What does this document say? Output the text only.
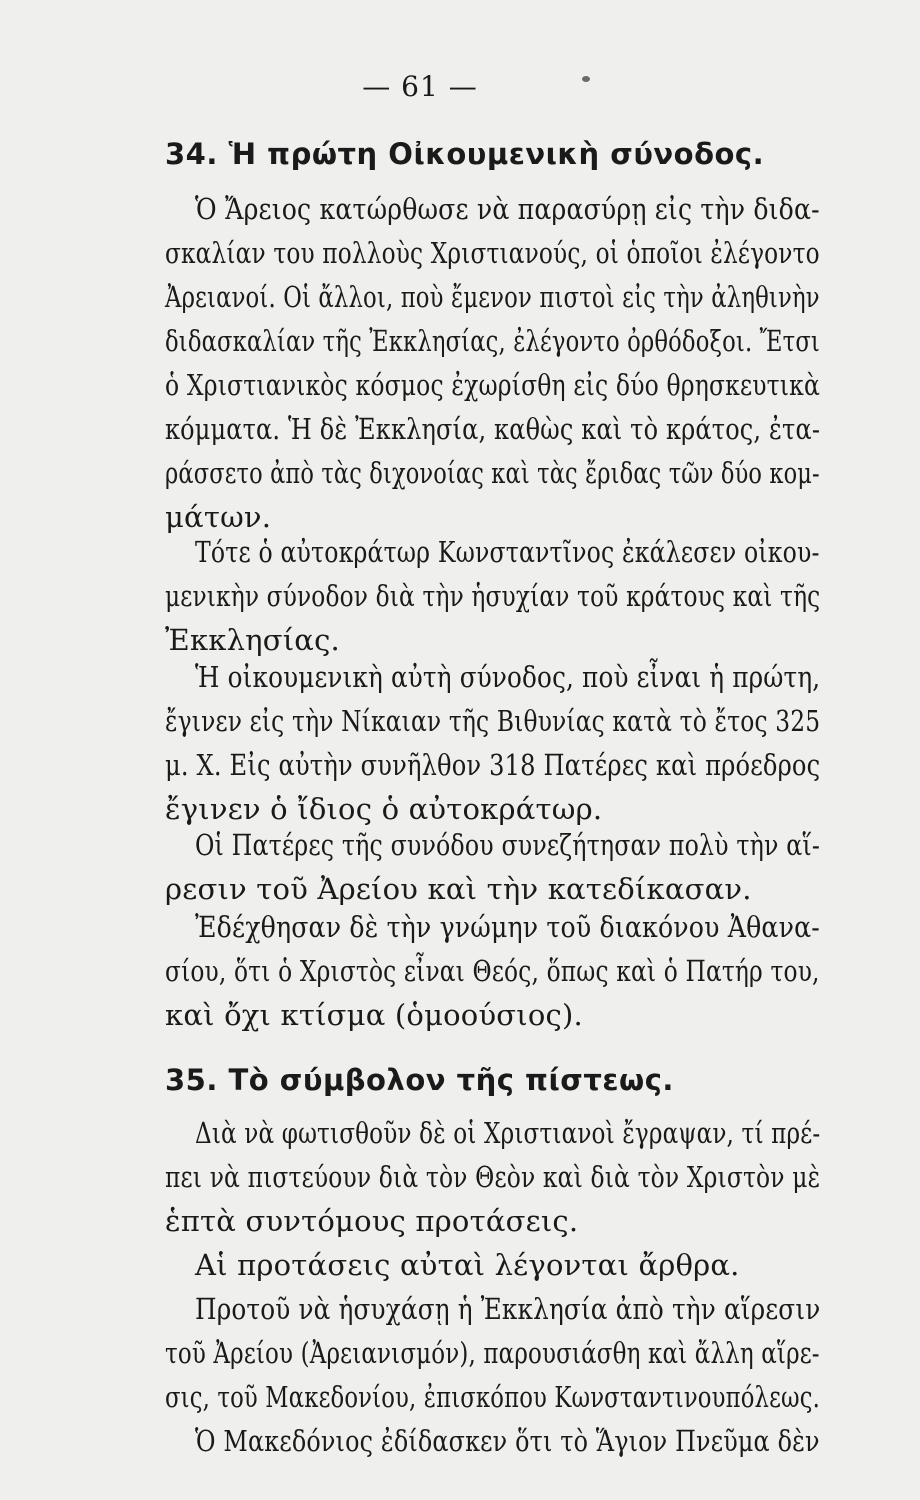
— 61 —
34. Ἡ πρώτη Οἰκουμενικὴ σύνοδος.
Ὁ Ἄρειος κατώρθωσε νὰ παρασύρῃ εἰς τὴν διδα-
σκαλίαν του πολλοὺς Χριστιανούς, οἱ ὁποῖοι ἐλέγοντο
Ἀρειανοί. Οἱ ἄλλοι, ποὺ ἔμενον πιστοὶ εἰς τὴν ἀληθινὴν
διδασκαλίαν τῆς Ἐκκλησίας, ἐλέγοντο ὀρθόδοξοι. Ἔτσι
ὁ Χριστιανικὸς κόσμος ἐχωρίσθη εἰς δύο θρησκευτικὰ
κόμματα. Ἡ δὲ Ἐκκλησία, καθὼς καὶ τὸ κράτος, ἐτα-
ράσσετο ἀπὸ τὰς διχονοίας καὶ τὰς ἔριδας τῶν δύο κομ-
μάτων.
Τότε ὁ αὐτοκράτωρ Κωνσταντῖνος ἐκάλεσεν οἰκου-
μενικὴν σύνοδον διὰ τὴν ἡσυχίαν τοῦ κράτους καὶ τῆς
Ἐκκλησίας.
Ἡ οἰκουμενικὴ αὐτὴ σύνοδος, ποὺ εἶναι ἡ πρώτη,
ἔγινεν εἰς τὴν Νίκαιαν τῆς Βιθυνίας κατὰ τὸ ἔτος 325
μ. Χ. Εἰς αὐτὴν συνῆλθον 318 Πατέρες καὶ πρόεδρος
ἔγινεν ὁ ἴδιος ὁ αὐτοκράτωρ.
Οἱ Πατέρες τῆς συνόδου συνεζήτησαν πολὺ τὴν αἵ-
ρεσιν τοῦ Ἀρείου καὶ τὴν κατεδίκασαν.
Ἐδέχθησαν δὲ τὴν γνώμην τοῦ διακόνου Ἀθανα-
σίου, ὅτι ὁ Χριστὸς εἶναι Θεός, ὅπως καὶ ὁ Πατήρ του,
καὶ ὄχι κτίσμα (ὁμοούσιος).
35. Τὸ σύμβολον τῆς πίστεως.
Διὰ νὰ φωτισθοῦν δὲ οἱ Χριστιανοὶ ἔγραψαν, τί πρέ-
πει νὰ πιστεύουν διὰ τὸν Θεὸν καὶ διὰ τὸν Χριστὸν μὲ
ἑπτὰ συντόμους προτάσεις.
Αἱ προτάσεις αὐταὶ λέγονται ἄρθρα.
Προτοῦ νὰ ἡσυχάσῃ ἡ Ἐκκλησία ἀπὸ τὴν αἵρεσιν
τοῦ Ἀρείου (Ἀρειανισμόν), παρουσιάσθη καὶ ἄλλη αἵρε-
σις, τοῦ Μακεδονίου, ἐπισκόπου Κωνσταντινουπόλεως.
Ὁ Μακεδόνιος ἐδίδασκεν ὅτι τὸ Ἅγιον Πνεῦμα δὲν
